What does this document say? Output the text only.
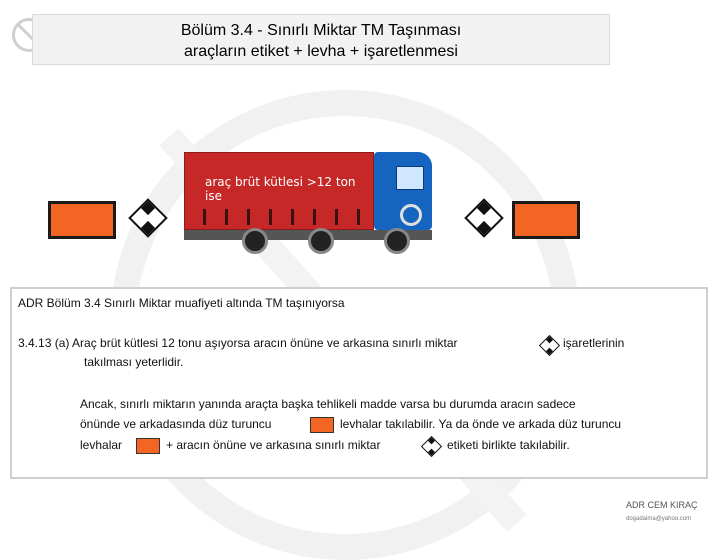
Bölüm 3.4 - Sınırlı Miktar TM Taşınması
araçların etiket + levha + işaretlenmesi
araç brüt kütlesi >12 ton ise
ADR Bölüm 3.4 Sınırlı Miktar muafiyeti altında TM taşınıyorsa
3.4.13 (a) Araç brüt kütlesi 12 tonu aşıyorsa aracın önüne ve arkasına sınırlı miktar	işaretlerinin
takılması yeterlidir.
Ancak, sınırlı miktarın yanında araçta başka tehlikeli madde varsa bu durumda aracın sadece
önünde ve arkadasında düz turuncu	levhalar takılabilir. Ya da önde ve arkada düz turuncu
levhalar	+ aracın önüne ve arkasına sınırlı miktar	etiketi birlikte takılabilir.
ADR CEM KIRAÇ
dogadaima@yahoo.com
